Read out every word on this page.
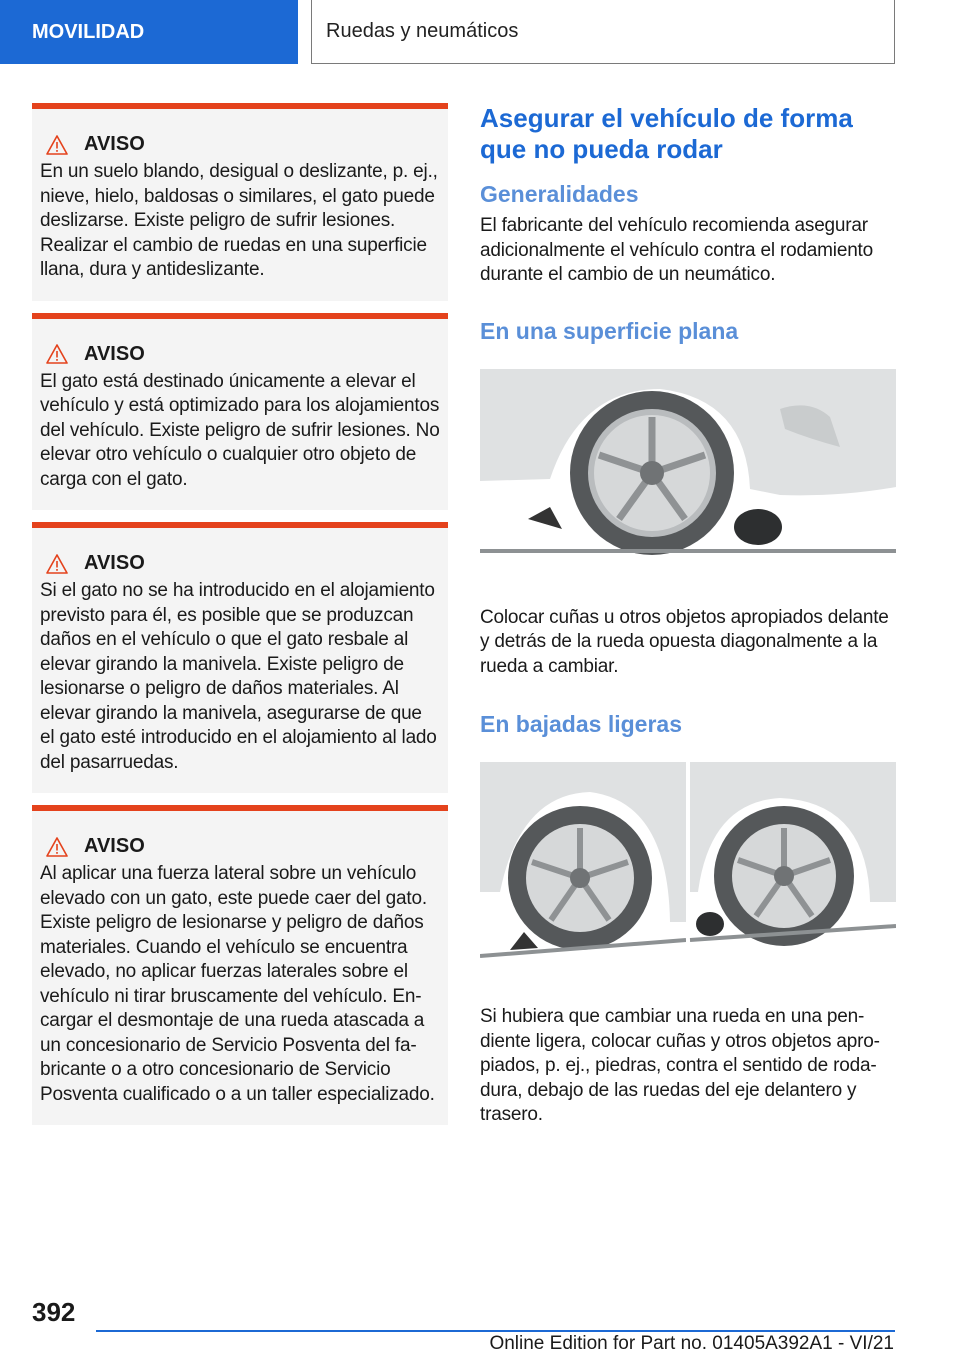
MOVILIDAD	Ruedas y neumáticos
AVISO
En un suelo blando, desigual o deslizante, p. ej., nieve, hielo, baldosas o similares, el gato puede deslizarse. Existe peligro de sufrir lesiones. Realizar el cambio de ruedas en una superficie llana, dura y antideslizante.
AVISO
El gato está destinado únicamente a elevar el vehículo y está optimizado para los alojamientos del vehículo. Existe peligro de sufrir lesiones. No elevar otro vehículo o cualquier otro objeto de carga con el gato.
AVISO
Si el gato no se ha introducido en el alojamiento previsto para él, es posible que se produzcan daños en el vehículo o que el gato resbale al elevar girando la manivela. Existe peligro de lesionarse o peligro de daños materiales. Al elevar girando la manivela, asegurarse de que el gato esté introducido en el alojamiento al lado del pasarruedas.
AVISO
Al aplicar una fuerza lateral sobre un vehículo elevado con un gato, este puede caer del gato. Existe peligro de lesionarse y peligro de daños materiales. Cuando el vehículo se encuentra elevado, no aplicar fuerzas laterales sobre el vehículo ni tirar bruscamente del vehículo. Encargar el desmontaje de una rueda atascada a un concesionario de Servicio Posventa del fabricante o a otro concesionario de Servicio Posventa cualificado o a un taller especializado.
Asegurar el vehículo de forma que no pueda rodar
Generalidades

El fabricante del vehículo recomienda asegurar adicionalmente el vehículo contra el rodamiento durante el cambio de un neumático.

En una superficie plana

Colocar cuñas u otros objetos apropiados delante y detrás de la rueda opuesta diagonalmente a la rueda a cambiar.

En bajadas ligeras

Si hubiera que cambiar una rueda en una pendiente ligera, colocar cuñas y otros objetos apropiados, p. ej., piedras, contra el sentido de rodadura, debajo de las ruedas del eje delantero y trasero.

392
Online Edition for Part no. 01405A392A1 - VI/21
